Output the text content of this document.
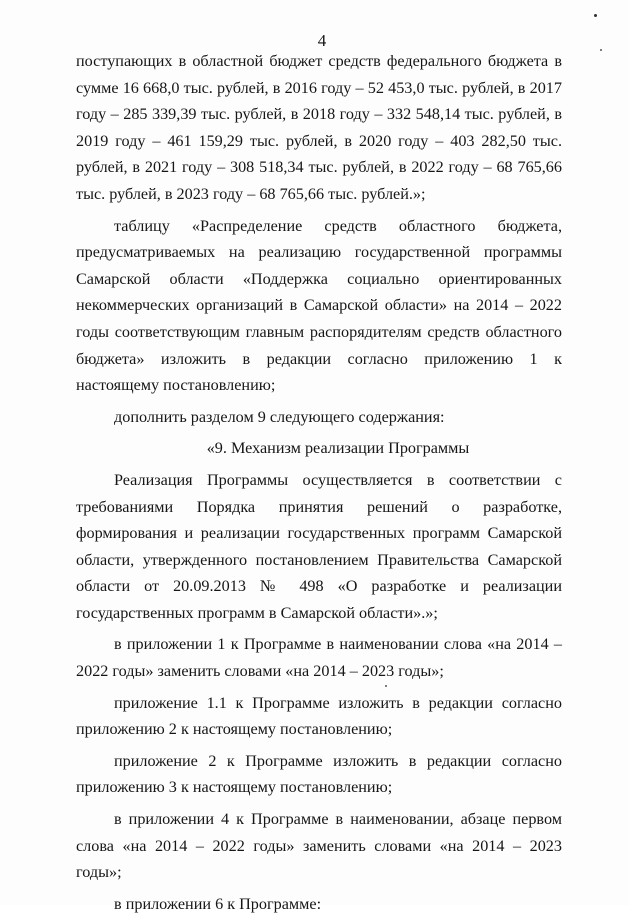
4

поступающих в областной бюджет средств федерального бюджета в сумме 16 668,0 тыс. рублей, в 2016 году – 52 453,0 тыс. рублей, в 2017 году – 285 339,39 тыс. рублей, в 2018 году – 332 548,14 тыс. рублей, в 2019 году – 461 159,29 тыс. рублей, в 2020 году – 403 282,50 тыс. рублей, в 2021 году – 308 518,34 тыс. рублей, в 2022 году – 68 765,66 тыс. рублей, в 2023 году – 68 765,66 тыс. рублей.»;

таблицу «Распределение средств областного бюджета, предусматриваемых на реализацию государственной программы Самарской области «Поддержка социально ориентированных некоммерческих организаций в Самарской области» на 2014 – 2022 годы соответствующим главным распорядителям средств областного бюджета» изложить в редакции согласно приложению 1 к настоящему постановлению;

дополнить разделом 9 следующего содержания:

«9. Механизм реализации Программы

Реализация Программы осуществляется в соответствии с требованиями Порядка принятия решений о разработке, формирования и реализации государственных программ Самарской области, утвержденного постановлением Правительства Самарской области от 20.09.2013 № 498 «О разработке и реализации государственных программ в Самарской области».»;

в приложении 1 к Программе в наименовании слова «на 2014 – 2022 годы» заменить словами «на 2014 – 2023 годы»;

приложение 1.1 к Программе изложить в редакции согласно приложению 2 к настоящему постановлению;

приложение 2 к Программе изложить в редакции согласно приложению 3 к настоящему постановлению;

в приложении 4 к Программе в наименовании, абзаце первом слова «на 2014 – 2022 годы» заменить словами «на 2014 – 2023 годы»;

в приложении 6 к Программе:
